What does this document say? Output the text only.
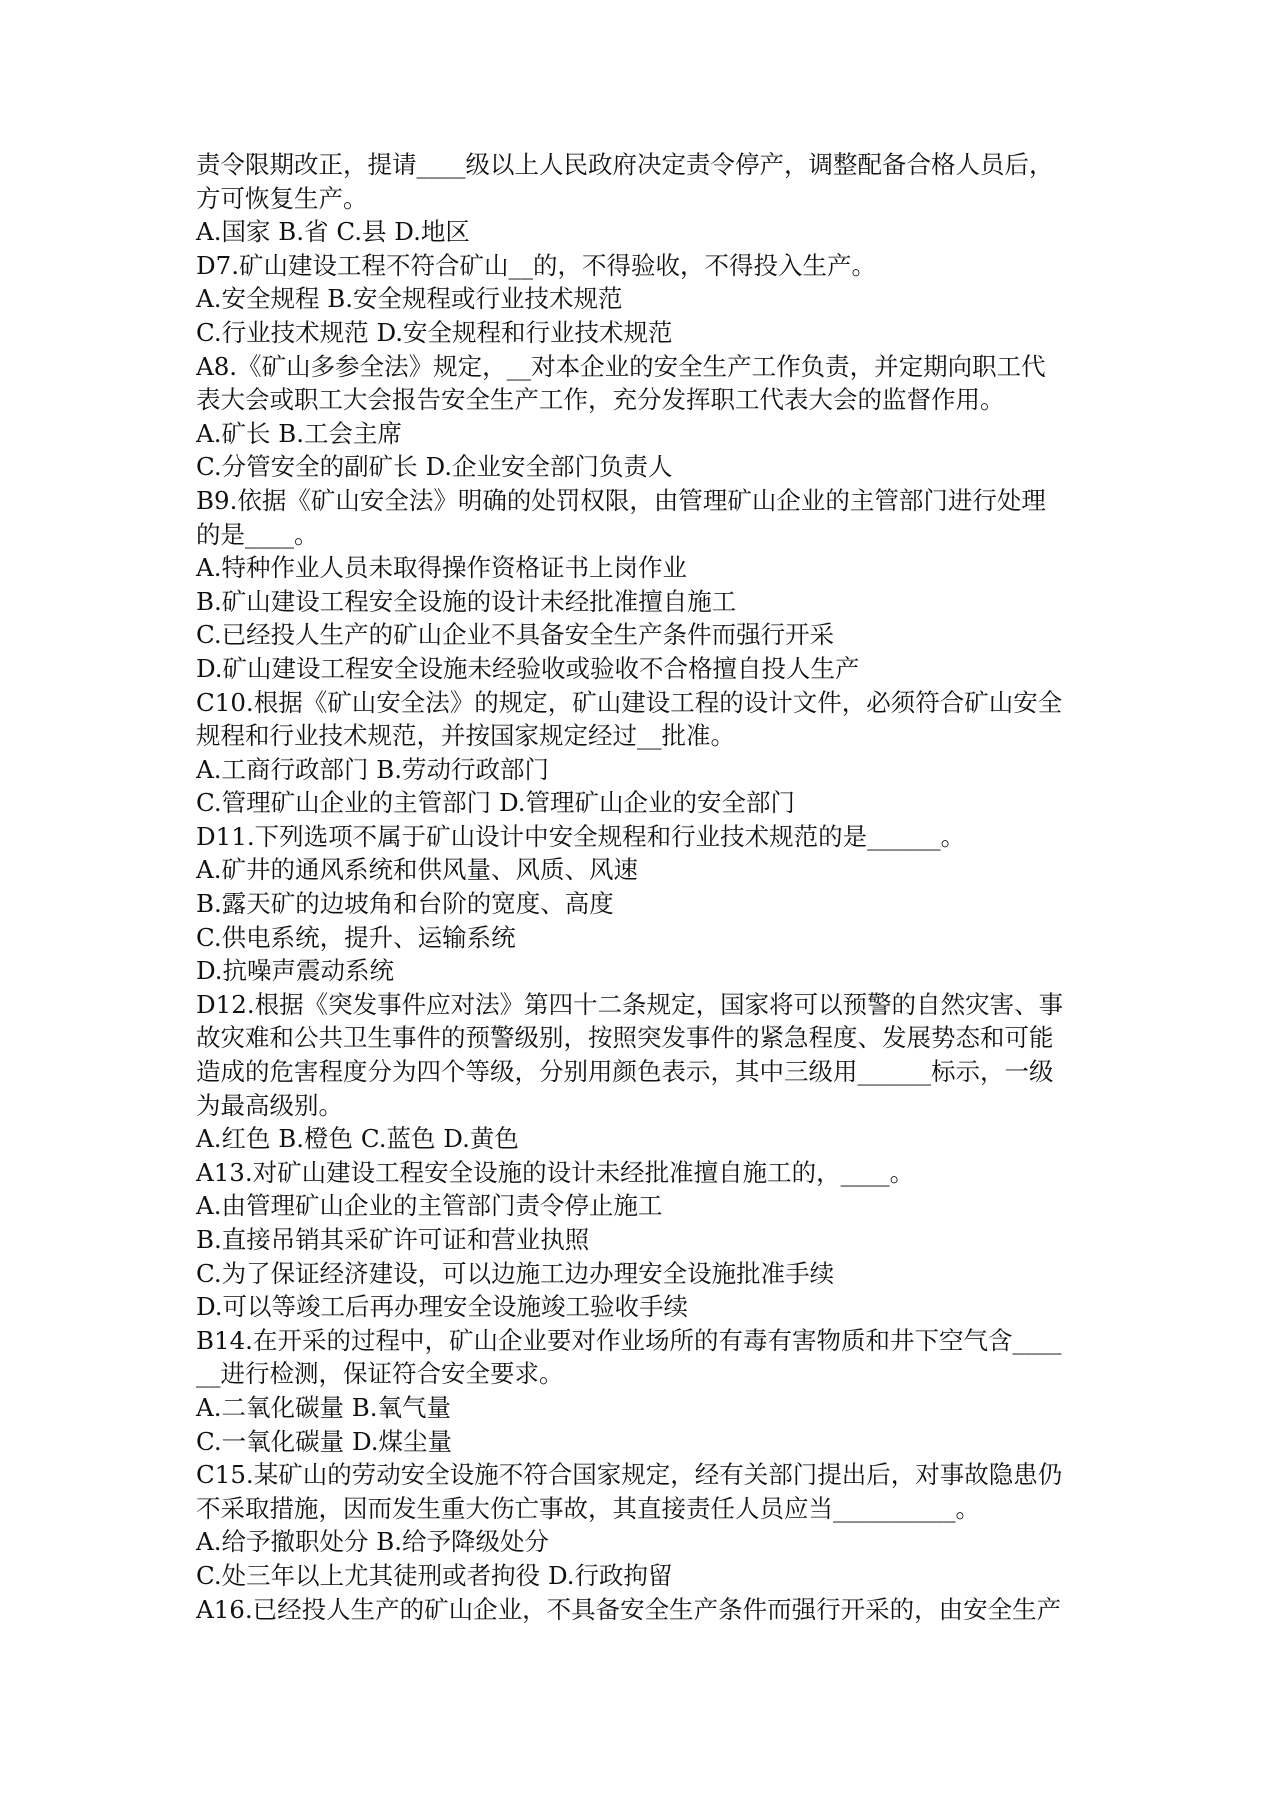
责令限期改正，提请____级以上人民政府决定责令停产，调整配备合格人员后，
方可恢复生产。
A.国家 B.省 C.县 D.地区
D7.矿山建设工程不符合矿山__的，不得验收，不得投入生产。
A.安全规程 B.安全规程或行业技术规范
C.行业技术规范 D.安全规程和行业技术规范
A8.《矿山多参全法》规定，__对本企业的安全生产工作负责，并定期向职工代
表大会或职工大会报告安全生产工作，充分发挥职工代表大会的监督作用。
A.矿长 B.工会主席
C.分管安全的副矿长 D.企业安全部门负责人
B9.依据《矿山安全法》明确的处罚权限，由管理矿山企业的主管部门进行处理
的是____。
A.特种作业人员未取得操作资格证书上岗作业
B.矿山建设工程安全设施的设计未经批准擅自施工
C.已经投人生产的矿山企业不具备安全生产条件而强行开采
D.矿山建设工程安全设施未经验收或验收不合格擅自投人生产
C10.根据《矿山安全法》的规定，矿山建设工程的设计文件，必须符合矿山安全
规程和行业技术规范，并按国家规定经过__批准。
A.工商行政部门 B.劳动行政部门
C.管理矿山企业的主管部门 D.管理矿山企业的安全部门
D11.下列选项不属于矿山设计中安全规程和行业技术规范的是______。
A.矿井的通风系统和供风量、风质、风速
B.露天矿的边坡角和台阶的宽度、高度
C.供电系统，提升、运输系统
D.抗噪声震动系统
D12.根据《突发事件应对法》第四十二条规定，国家将可以预警的自然灾害、事
故灾难和公共卫生事件的预警级别，按照突发事件的紧急程度、发展势态和可能
造成的危害程度分为四个等级，分别用颜色表示，其中三级用______标示，一级
为最高级别。
A.红色 B.橙色 C.蓝色 D.黄色
A13.对矿山建设工程安全设施的设计未经批准擅自施工的，____。
A.由管理矿山企业的主管部门责令停止施工
B.直接吊销其采矿许可证和营业执照
C.为了保证经济建设，可以边施工边办理安全设施批准手续
D.可以等竣工后再办理安全设施竣工验收手续
B14.在开采的过程中，矿山企业要对作业场所的有毒有害物质和井下空气含____
__进行检测，保证符合安全要求。
A.二氧化碳量 B.氧气量
C.一氧化碳量 D.煤尘量
C15.某矿山的劳动安全设施不符合国家规定，经有关部门提出后，对事故隐患仍
不采取措施，因而发生重大伤亡事故，其直接责任人员应当__________。
A.给予撤职处分 B.给予降级处分
C.处三年以上尤其徒刑或者拘役 D.行政拘留
A16.已经投人生产的矿山企业，不具备安全生产条件而强行开采的，由安全生产
